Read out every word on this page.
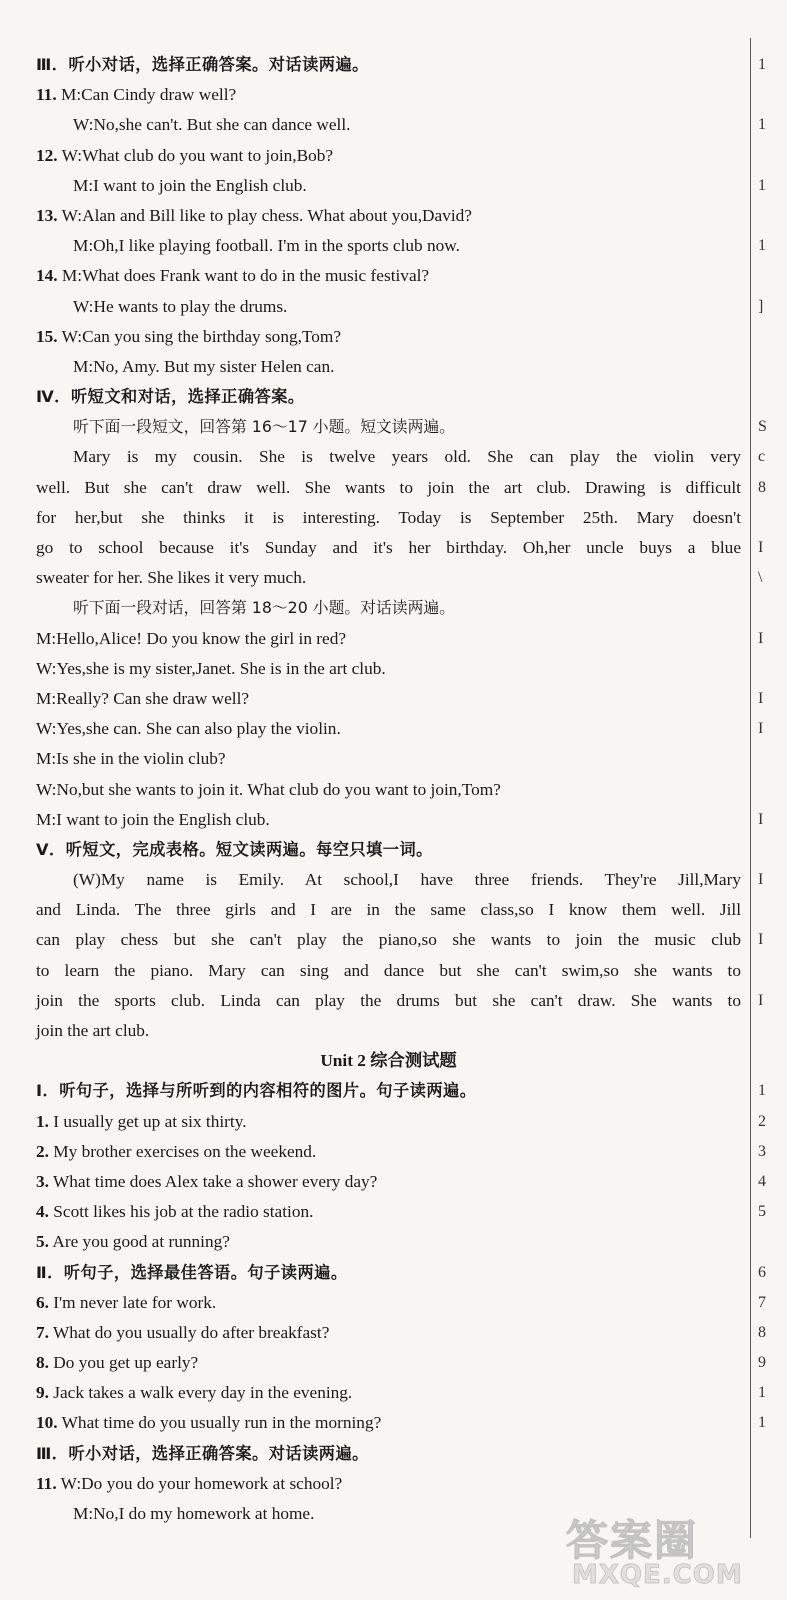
Ⅲ．听小对话，选择正确答案。对话读两遍。
11. M:Can Cindy draw well?
W:No,she can't. But she can dance well.
12. W:What club do you want to join,Bob?
M:I want to join the English club.
13. W:Alan and Bill like to play chess. What about you,David?
M:Oh,I like playing football. I'm in the sports club now.
14. M:What does Frank want to do in the music festival?
W:He wants to play the drums.
15. W:Can you sing the birthday song,Tom?
M:No, Amy. But my sister Helen can.
Ⅳ．听短文和对话，选择正确答案。
听下面一段短文，回答第 16～17 小题。短文读两遍。
Mary is my cousin. She is twelve years old. She can play the violin very
well. But she can't draw well. She wants to join the art club. Drawing is difficult
for her,but she thinks it is interesting. Today is September 25th. Mary doesn't
go to school because it's Sunday and it's her birthday. Oh,her uncle buys a blue
sweater for her. She likes it very much.
听下面一段对话，回答第 18～20 小题。对话读两遍。
M:Hello,Alice! Do you know the girl in red?
W:Yes,she is my sister,Janet. She is in the art club.
M:Really? Can she draw well?
W:Yes,she can. She can also play the violin.
M:Is she in the violin club?
W:No,but she wants to join it. What club do you want to join,Tom?
M:I want to join the English club.
Ⅴ．听短文，完成表格。短文读两遍。每空只填一词。
(W)My name is Emily. At school,I have three friends. They're Jill,Mary
and Linda. The three girls and I are in the same class,so I know them well. Jill
can play chess but she can't play the piano,so she wants to join the music club
to learn the piano. Mary can sing and dance but she can't swim,so she wants to
join the sports club. Linda can play the drums but she can't draw. She wants to
join the art club.
Unit 2 综合测试题
Ⅰ．听句子，选择与所听到的内容相符的图片。句子读两遍。
1. I usually get up at six thirty.
2. My brother exercises on the weekend.
3. What time does Alex take a shower every day?
4. Scott likes his job at the radio station.
5. Are you good at running?
Ⅱ．听句子，选择最佳答语。句子读两遍。
6. I'm never late for work.
7. What do you usually do after breakfast?
8. Do you get up early?
9. Jack takes a walk every day in the evening.
10. What time do you usually run in the morning?
Ⅲ．听小对话，选择正确答案。对话读两遍。
11. W:Do you do your homework at school?
M:No,I do my homework at home.
1
1
1
1
]
S
c
8
I
\
I
I
I
I
I
I
I
1
2
3
4
5
6
7
8
9
1
1
答案圈
MXQE.COM
